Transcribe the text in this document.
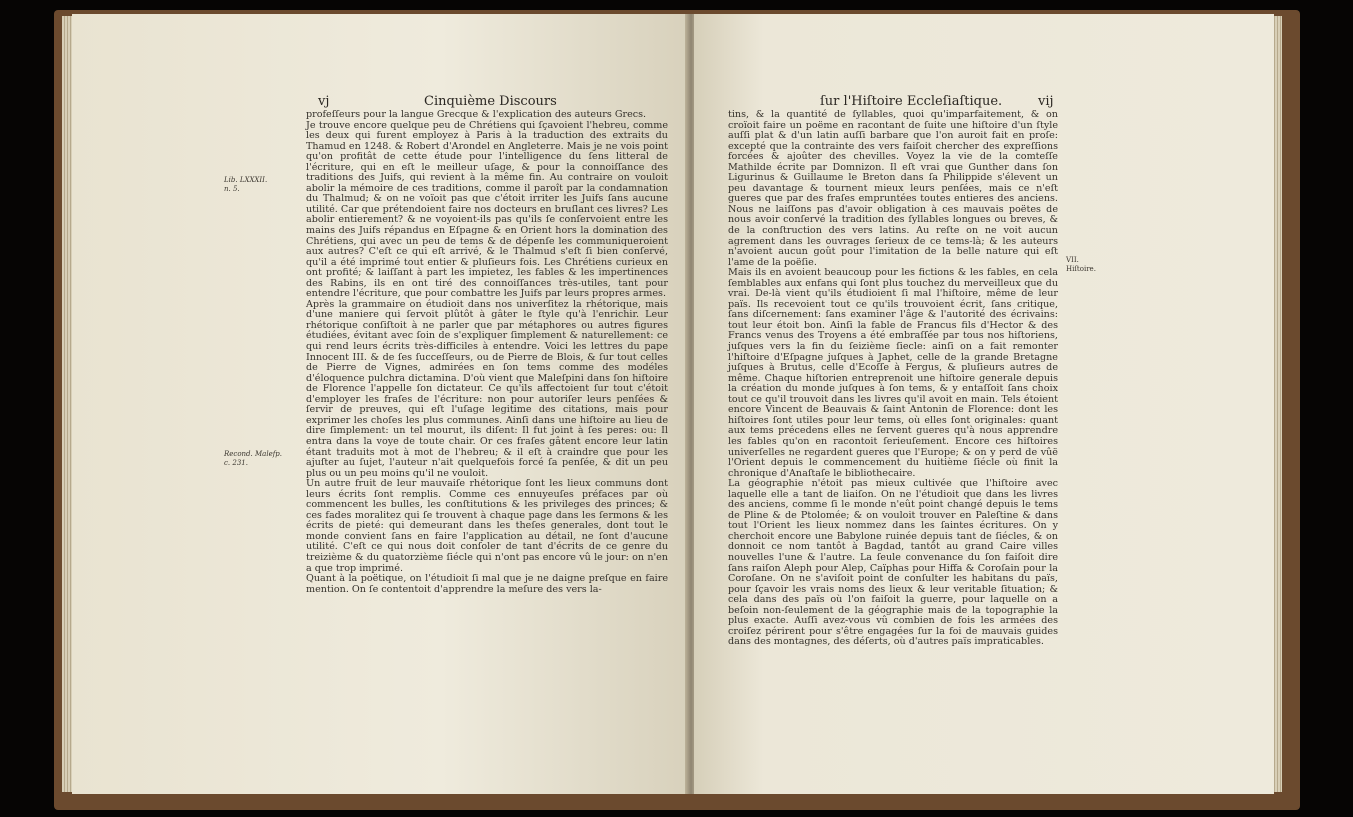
vj	Cinquième Discours
Lib. LXXXII.
n. 5.
Recond. Malefp.
c. 231.
profeſſeurs pour la langue Grecque & l'explication des auteurs Grecs.
Je trouve encore quelque peu de Chrétiens qui ſçavoient l'hebreu, comme les deux qui furent employez à Paris à la traduction des extraits du Thamud en 1248. & Robert d'Arondel en Angleterre. Mais je ne vois point qu'on profitât de cette étude pour l'intelligence du ſens litteral de l'écriture, qui en eſt le meilleur uſage, & pour la connoiſſance des traditions des Juifs, qui revient à la même fin. Au contraire on vouloit abolir la mémoire de ces traditions, comme il paroît par la condamnation du Thalmud; & on ne voïoit pas que c'étoit irriter les Juifs ſans aucune utilité. Car que prétendoient faire nos docteurs en bruſlant ces livres? Les abolir entierement? & ne voyoient-ils pas qu'ils ſe conſervoient entre les mains des Juifs répandus en Eſpagne & en Orient hors la domination des Chrétiens, qui avec un peu de tems & de dépenſe les communiqueroient aux autres? C'eſt ce qui eſt arrivé, & le Thalmud s'eſt ſi bien conſervé, qu'il a été imprimé tout entier & pluſieurs fois. Les Chrétiens curieux en ont profité; & laiſſant à part les impietez, les fables & les impertinences des Rabins, ils en ont tiré des connoiſſances très-utiles, tant pour entendre l'écriture, que pour combattre les Juifs par leurs propres armes.
Après la grammaire on étudioit dans nos univerſitez la rhétorique, mais d'une maniere qui ſervoit plûtôt à gâter le ſtyle qu'à l'enrichir. Leur rhétorique conſiſtoit à ne parler que par métaphores ou autres figures étudiées, évitant avec ſoin de s'expliquer ſimplement & naturellement: ce qui rend leurs écrits très-difficiles à entendre. Voici les lettres du pape Innocent III. & de ſes ſucceſſeurs, ou de Pierre de Blois, & ſur tout celles de Pierre de Vignes, admirées en ſon tems comme des modéles d'éloquence pulchra dictamina. D'où vient que Maleſpini dans ſon hiſtoire de Florence l'appelle ſon dictateur. Ce qu'ils affectoient ſur tout c'étoit d'employer les fraſes de l'écriture: non pour autoriſer leurs penſées & ſervir de preuves, qui eſt l'uſage legitime des citations, mais pour exprimer les choſes les plus communes. Ainſi dans une hiſtoire au lieu de dire ſimplement: un tel mourut, ils diſent: Il fut joint à ſes peres: ou: Il entra dans la voye de toute chair. Or ces fraſes gâtent encore leur latin étant traduits mot à mot de l'hebreu; & il eſt à craindre que pour les ajuſter au ſujet, l'auteur n'ait quelquefois forcé ſa penſée, & dit un peu plus ou un peu moins qu'il ne vouloit.
Un autre fruit de leur mauvaiſe rhétorique ſont les lieux communs dont leurs écrits ſont remplis. Comme ces ennuyeuſes préfaces par où commencent les bulles, les conſtitutions & les privileges des princes; & ces fades moralitez qui ſe trouvent à chaque page dans les ſermons & les écrits de pieté: qui demeurant dans les theſes generales, dont tout le monde convient ſans en faire l'application au détail, ne ſont d'aucune utilité. C'eſt ce qui nous doit conſoler de tant d'écrits de ce genre du treizième & du quatorzième ſiécle qui n'ont pas encore vû le jour: on n'en a que trop imprimé.
Quant à la poëtique, on l'étudioit ſi mal que je ne daigne preſque en faire mention. On ſe contentoit d'apprendre la meſure des vers la-
ſur l'Hiſtoire Eccleſiaſtique.	vij
VII.
Hiſtoire.
tins, & la quantité de ſyllables, quoi qu'imparfaitement, & on croïoit faire un poëme en racontant de ſuite une hiſtoire d'un ſtyle auſſi plat & d'un latin auſſi barbare que l'on auroit fait en proſe: excepté que la contrainte des vers faiſoit chercher des expreſſions forcées & ajoûter des chevilles. Voyez la vie de la comteſſe Mathilde écrite par Domnizon. Il eſt vrai que Gunther dans ſon Ligurinus & Guillaume le Breton dans ſa Philippide s'élevent un peu davantage & tournent mieux leurs penſées, mais ce n'eſt gueres que par des fraſes empruntées toutes entieres des anciens. Nous ne laiſſons pas d'avoir obligation à ces mauvais poëtes de nous avoir conſervé la tradition des ſyllables longues ou breves, & de la conſtruction des vers latins. Au reſte on ne voit aucun agrement dans les ouvrages ſerieux de ce tems-là; & les auteurs n'avoient aucun goût pour l'imitation de la belle nature qui eſt l'ame de la poëſie.
Mais ils en avoient beaucoup pour les fictions & les fables, en cela ſemblables aux enfans qui ſont plus touchez du merveilleux que du vrai. De-là vient qu'ils étudioient ſi mal l'hiſtoire, même de leur païs. Ils recevoient tout ce qu'ils trouvoient écrit, ſans critique, ſans diſcernement: ſans examiner l'âge & l'autorité des écrivains: tout leur étoit bon. Ainſi la fable de Francus fils d'Hector & des Francs venus des Troyens a été embraſſée par tous nos hiſtoriens, juſques vers la fin du ſeizième ſiecle: ainſi on a fait remonter l'hiſtoire d'Eſpagne juſques à Japhet, celle de la grande Bretagne juſques à Brutus, celle d'Ecoſſe à Fergus, & pluſieurs autres de même. Chaque hiſtorien entreprenoit une hiſtoire generale depuis la création du monde juſques à ſon tems, & y entaſſoit ſans choix tout ce qu'il trouvoit dans les livres qu'il avoit en main. Tels étoient encore Vincent de Beauvais & ſaint Antonin de Florence: dont les hiſtoires ſont utiles pour leur tems, où elles ſont originales: quant aux tems précedens elles ne ſervent gueres qu'à nous apprendre les fables qu'on en racontoit ſerieuſement. Encore ces hiſtoires univerſelles ne regardent gueres que l'Europe; & on y perd de vûë l'Orient depuis le commencement du huitième ſiécle où finit la chronique d'Anaſtaſe le bibliothecaire.
La géographie n'étoit pas mieux cultivée que l'hiſtoire avec laquelle elle a tant de liaiſon. On ne l'étudioit que dans les livres des anciens, comme ſi le monde n'eût point changé depuis le tems de Pline & de Ptolomée; & on vouloit trouver en Paleſtine & dans tout l'Orient les lieux nommez dans les ſaintes écritures. On y cherchoit encore une Babylone ruinée depuis tant de ſiécles, & on donnoit ce nom tantôt à Bagdad, tantôt au grand Caire villes nouvelles l'une & l'autre. La ſeule convenance du ſon faiſoit dire ſans raiſon Aleph pour Alep, Caïphas pour Hiffa & Coroſain pour la Coroſane. On ne s'aviſoit point de conſulter les habitans du païs, pour ſçavoir les vrais noms des lieux & leur veritable ſituation; & cela dans des païs où l'on faiſoit la guerre, pour laquelle on a beſoin non-ſeulement de la géographie mais de la topographie la plus exacte. Auſſi avez-vous vû combien de fois les armées des croiſez périrent pour s'être engagées ſur la foi de mauvais guides dans des montagnes, des déſerts, où d'autres païs impraticables.
